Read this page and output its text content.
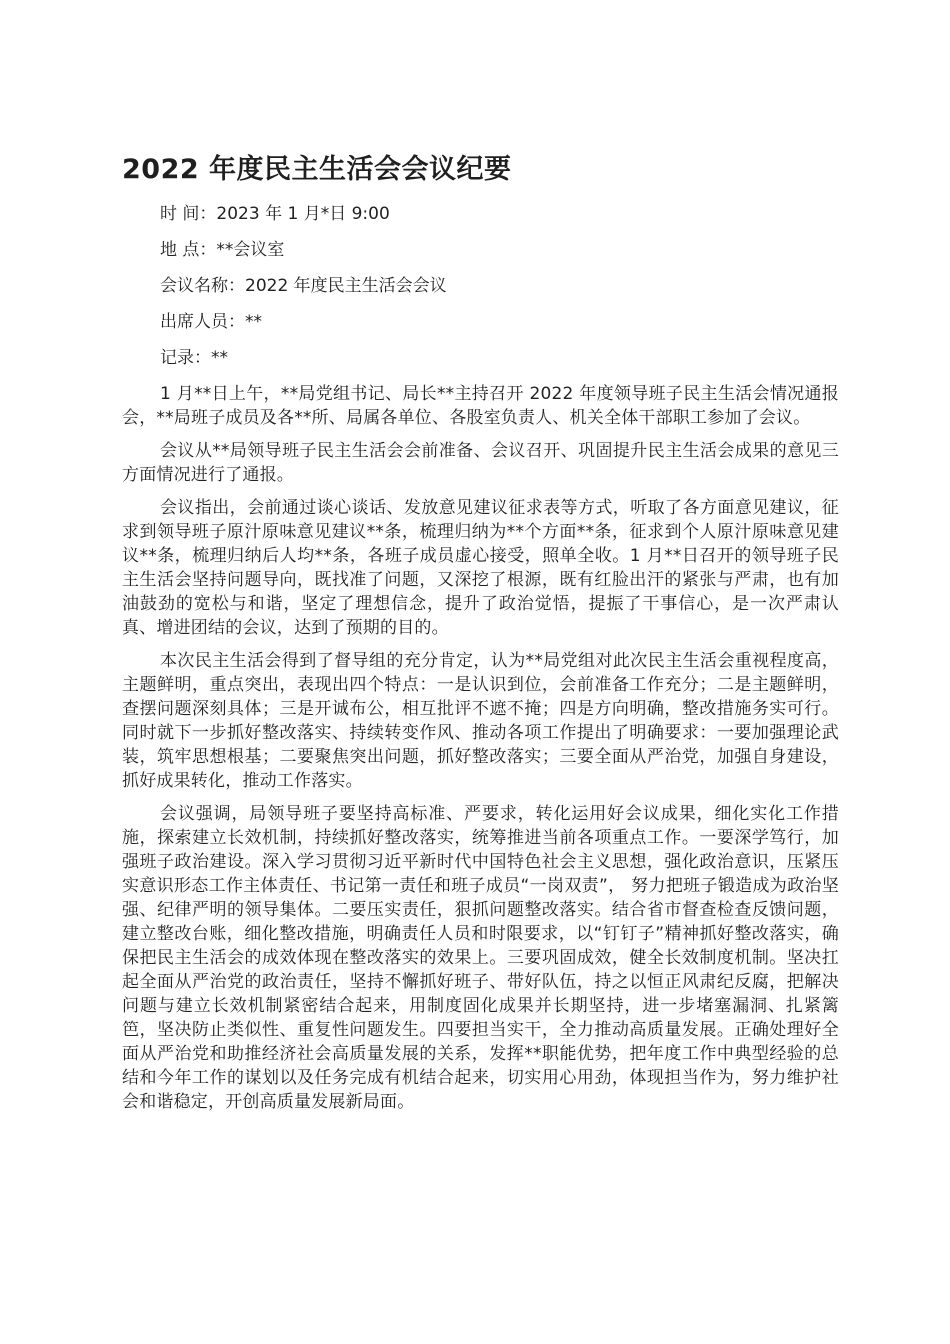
2022 年度民主生活会会议纪要

时 间：2023 年 1 月*日 9:00

地 点：**会议室

会议名称：2022 年度民主生活会会议

出席人员：**

记录：**

1 月**日上午，**局党组书记、局长**主持召开 2022 年度领导班子民主生活会情况通报会，**局班子成员及各**所、局属各单位、各股室负责人、机关全体干部职工参加了会议。

会议从**局领导班子民主生活会会前准备、会议召开、巩固提升民主生活会成果的意见三方面情况进行了通报。

会议指出，会前通过谈心谈话、发放意见建议征求表等方式，听取了各方面意见建议，征求到领导班子原汁原味意见建议**条，梳理归纳为**个方面**条，征求到个人原汁原味意见建议**条，梳理归纳后人均**条，各班子成员虚心接受，照单全收。1 月**日召开的领导班子民主生活会坚持问题导向，既找准了问题，又深挖了根源，既有红脸出汗的紧张与严肃，也有加油鼓劲的宽松与和谐，坚定了理想信念，提升了政治觉悟，提振了干事信心，是一次严肃认真、增进团结的会议，达到了预期的目的。

本次民主生活会得到了督导组的充分肯定，认为**局党组对此次民主生活会重视程度高，主题鲜明，重点突出，表现出四个特点：一是认识到位，会前准备工作充分；二是主题鲜明，查摆问题深刻具体；三是开诚布公，相互批评不遮不掩；四是方向明确，整改措施务实可行。同时就下一步抓好整改落实、持续转变作风、推动各项工作提出了明确要求：一要加强理论武装，筑牢思想根基；二要聚焦突出问题，抓好整改落实；三要全面从严治党，加强自身建设，抓好成果转化，推动工作落实。

会议强调，局领导班子要坚持高标准、严要求，转化运用好会议成果，细化实化工作措施，探索建立长效机制，持续抓好整改落实，统筹推进当前各项重点工作。一要深学笃行，加强班子政治建设。深入学习贯彻习近平新时代中国特色社会主义思想，强化政治意识，压紧压实意识形态工作主体责任、书记第一责任和班子成员“一岗双责”， 努力把班子锻造成为政治坚强、纪律严明的领导集体。二要压实责任，狠抓问题整改落实。结合省市督查检查反馈问题，建立整改台账，细化整改措施，明确责任人员和时限要求，以“钉钉子”精神抓好整改落实，确保把民主生活会的成效体现在整改落实的效果上。三要巩固成效，健全长效制度机制。坚决扛起全面从严治党的政治责任，坚持不懈抓好班子、带好队伍，持之以恒正风肃纪反腐，把解决问题与建立长效机制紧密结合起来，用制度固化成果并长期坚持，进一步堵塞漏洞、扎紧篱笆，坚决防止类似性、重复性问题发生。四要担当实干，全力推动高质量发展。正确处理好全面从严治党和助推经济社会高质量发展的关系，发挥**职能优势，把年度工作中典型经验的总结和今年工作的谋划以及任务完成有机结合起来，切实用心用劲，体现担当作为，努力维护社会和谐稳定，开创高质量发展新局面。
